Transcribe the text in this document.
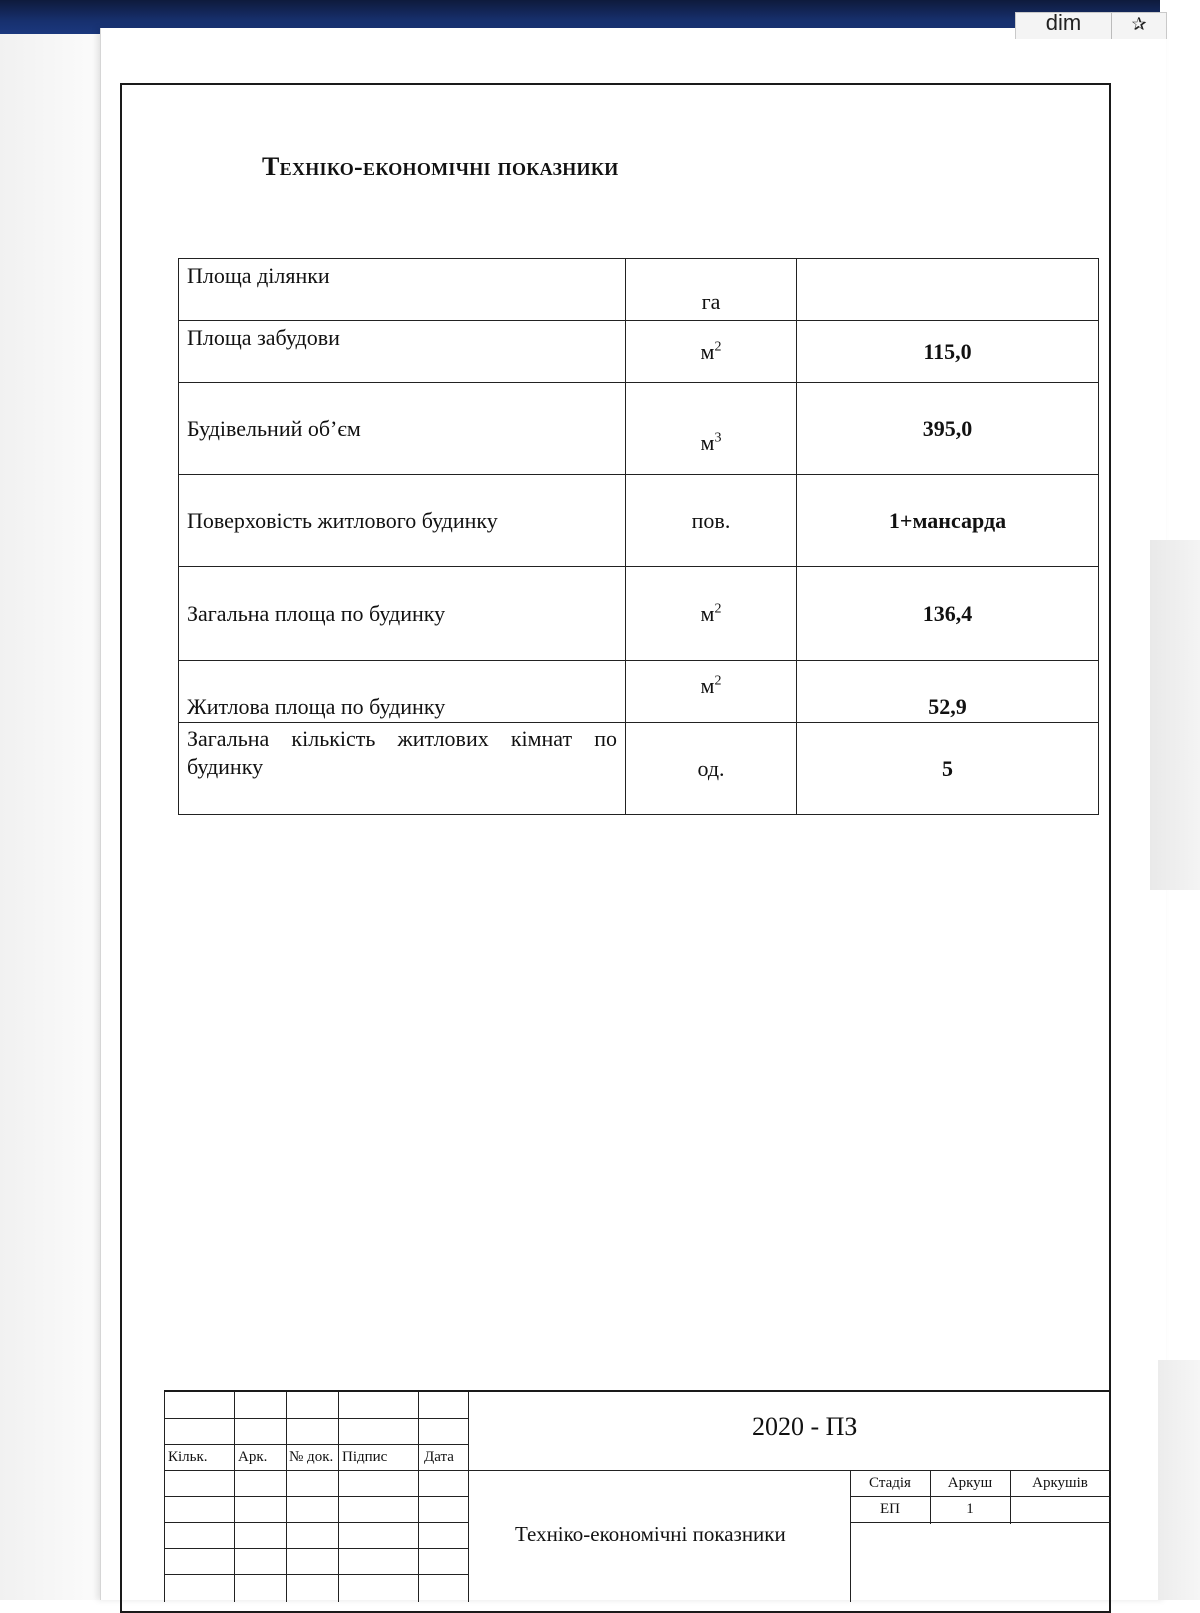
dim	✰
Техніко-економічні показники
Площа ділянки	га	
Площа забудови	$м^2$	115,0
Будівельний об’єм	$м^3$	395,0
Поверховість житлового будинку	пов.	1+мансарда
Загальна площа по будинку	$м^2$	136,4
Житлова площа по будинку	$м^2$	52,9
Загальна кількість житлових кімнат по будинку	од.	5
Кільк. Арк. № док. Підпис Дата
Стадія	Аркуш	Аркушів
ЕП	1
2020 - ПЗ
Техніко-економічні показники
